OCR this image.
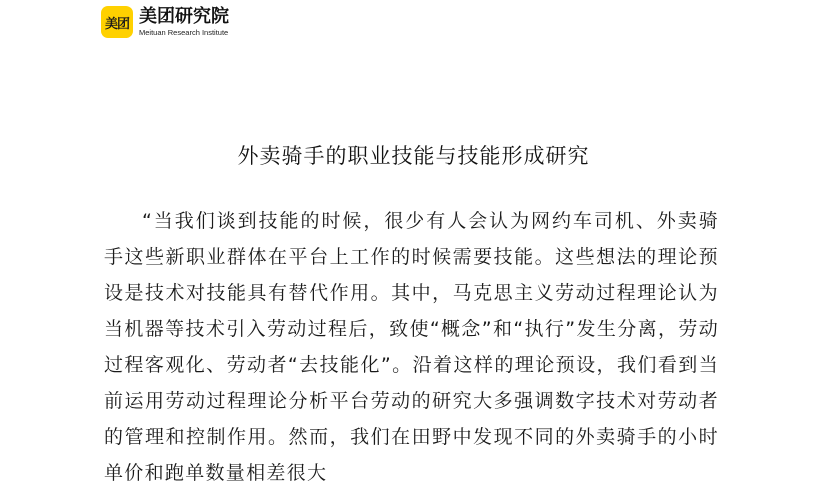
美团 美团研究院
Meituan Research Institute
外卖骑手的职业技能与技能形成研究

“当我们谈到技能的时候，很少有人会认为网约车司机、外卖骑手这些新职业群体在平台上工作的时候需要技能。这些想法的理论预设是技术对技能具有替代作用。其中，马克思主义劳动过程理论认为当机器等技术引入劳动过程后，致使“概念”和“执行”发生分离，劳动过程客观化、劳动者“去技能化”。沿着这样的理论预设，我们看到当前运用劳动过程理论分析平台劳动的研究大多强调数字技术对劳动者的管理和控制作用。然而，我们在田野中发现不同的外卖骑手的小时单价和跑单数量相差很大
